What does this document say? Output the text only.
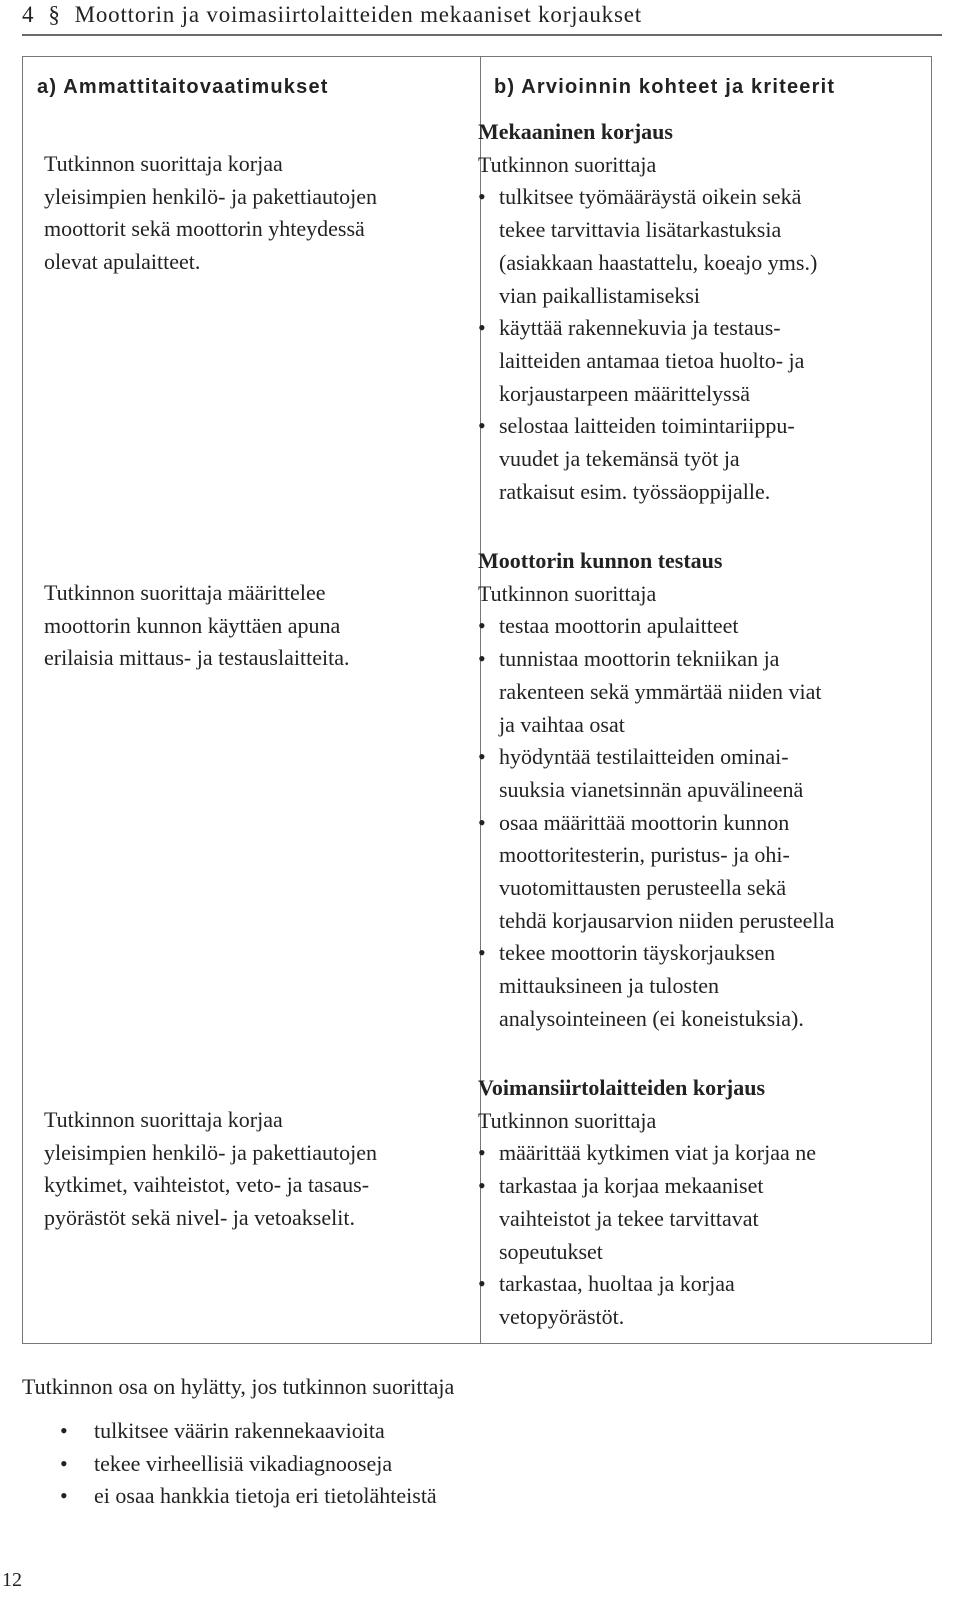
4 § Moottorin ja voimasiirtolaitteiden mekaaniset korjaukset
a) Ammattitaitovaatimukset	b) Arvioinnin kohteet ja kriteerit
Tutkinnon suorittaja korjaa
yleisimpien henkilö- ja pakettiautojen
moottorit sekä moottorin yhteydessä
olevat apulaitteet.
Tutkinnon suorittaja määrittelee
moottorin kunnon käyttäen apuna
erilaisia mittaus- ja testauslaitteita.
Tutkinnon suorittaja korjaa
yleisimpien henkilö- ja pakettiautojen
kytkimet, vaihteistot, veto- ja tasaus-
pyörästöt sekä nivel- ja vetoakselit.
Mekaaninen korjaus
Tutkinnon suorittaja
• tulkitsee työmääräystä oikein sekä
tekee tarvittavia lisätarkastuksia
(asiakkaan haastattelu, koeajo yms.)
vian paikallistamiseksi
• käyttää rakennekuvia ja testaus-
laitteiden antamaa tietoa huolto- ja
korjaustarpeen määrittelyssä
• selostaa laitteiden toimintariippu-
vuudet ja tekemänsä työt ja
ratkaisut esim. työssäoppijalle.
Moottorin kunnon testaus
Tutkinnon suorittaja
• testaa moottorin apulaitteet
• tunnistaa moottorin tekniikan ja
rakenteen sekä ymmärtää niiden viat
ja vaihtaa osat
• hyödyntää testilaitteiden ominai-
suuksia vianetsinnän apuvälineenä
• osaa määrittää moottorin kunnon
moottoritesterin, puristus- ja ohi-
vuotomittausten perusteella sekä
tehdä korjausarvion niiden perusteella
• tekee moottorin täyskorjauksen
mittauksineen ja tulosten
analysointeineen (ei koneistuksia).
Voimansiirtolaitteiden korjaus
Tutkinnon suorittaja
• määrittää kytkimen viat ja korjaa ne
• tarkastaa ja korjaa mekaaniset
vaihteistot ja tekee tarvittavat
sopeutukset
• tarkastaa, huoltaa ja korjaa
vetopyörästöt.
Tutkinnon osa on hylätty, jos tutkinnon suorittaja
• tulkitsee väärin rakennekaavioita
• tekee virheellisiä vikadiagnooseja
• ei osaa hankkia tietoja eri tietolähteistä
12
